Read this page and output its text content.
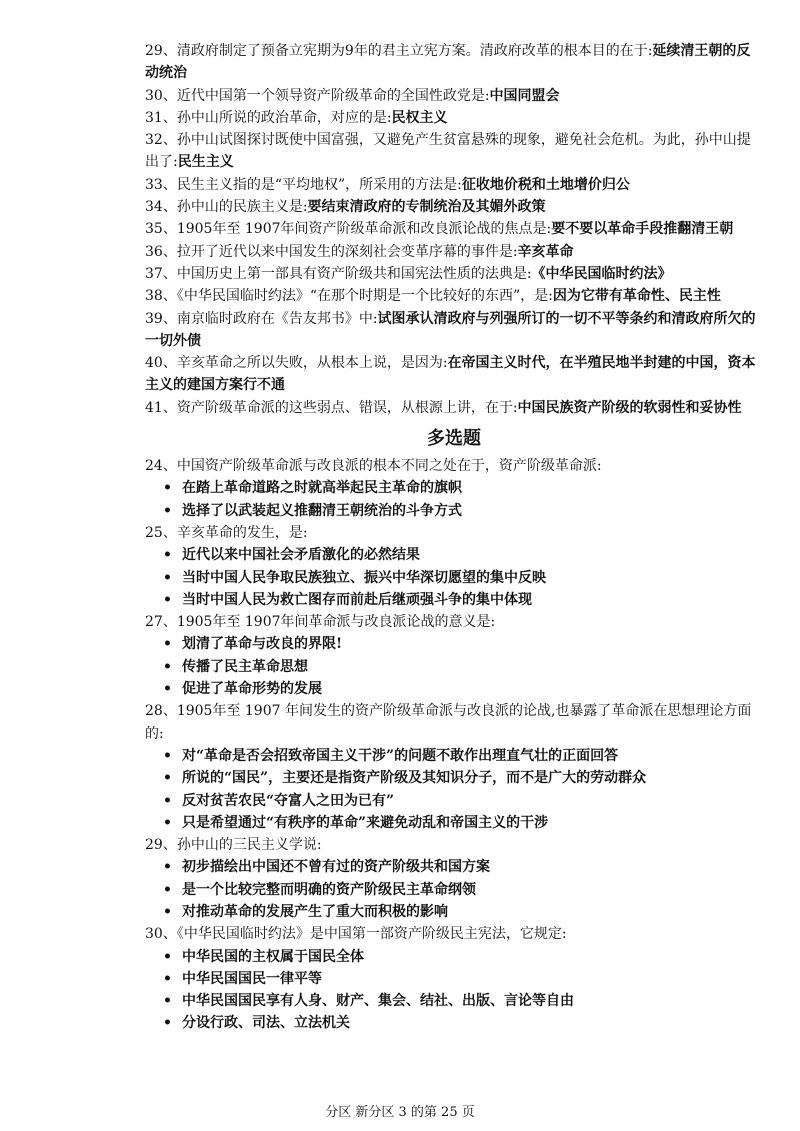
29、清政府制定了预备立宪期为9年的君主立宪方案。清政府改革的根本目的在于:延续清王朝的反动统治

30、近代中国第一个领导资产阶级革命的全国性政党是:中国同盟会

31、孙中山所说的政治革命，对应的是:民权主义

32、孙中山试图探讨既使中国富强，又避免产生贫富悬殊的现象，避免社会危机。为此，孙中山提出了:民生主义

33、民生主义指的是“平均地权”，所采用的方法是:征收地价税和土地增价归公

34、孙中山的民族主义是:要结束清政府的专制统治及其媚外政策

35、1905年至 1907年间资产阶级革命派和改良派论战的焦点是:要不要以革命手段推翻清王朝

36、拉开了近代以来中国发生的深刻社会变革序幕的事件是:辛亥革命

37、中国历史上第一部具有资产阶级共和国宪法性质的法典是:《中华民国临时约法》

38、《中华民国临时约法》“在那个时期是一个比较好的东西”，是:因为它带有革命性、民主性

39、南京临时政府在《告友邦书》中:试图承认清政府与列强所订的一切不平等条约和清政府所欠的一切外债

40、辛亥革命之所以失败，从根本上说，是因为:在帝国主义时代，在半殖民地半封建的中国，资本主义的建国方案行不通

41、资产阶级革命派的这些弱点、错误，从根源上讲，在于:中国民族资产阶级的软弱性和妥协性

多选题

24、中国资产阶级革命派与改良派的根本不同之处在于，资产阶级革命派:

• 在踏上革命道路之时就高举起民主革命的旗帜
• 选择了以武装起义推翻清王朝统治的斗争方式

25、辛亥革命的发生，是:

• 近代以来中国社会矛盾激化的必然结果
• 当时中国人民争取民族独立、振兴中华深切愿望的集中反映
• 当时中国人民为救亡图存而前赴后继顽强斗争的集中体现

27、1905年至 1907年间革命派与改良派论战的意义是:

• 划清了革命与改良的界限!
• 传播了民主革命思想
• 促进了革命形势的发展

28、1905年至 1907 年间发生的资产阶级革命派与改良派的论战,也暴露了革命派在思想理论方面的:

• 对“革命是否会招致帝国主义干涉”的问题不敢作出理直气壮的正面回答
• 所说的“国民”，主要还是指资产阶级及其知识分子，而不是广大的劳动群众
• 反对贫苦农民“夺富人之田为已有”
• 只是希望通过“有秩序的革命”来避免动乱和帝国主义的干涉

29、孙中山的三民主义学说:

• 初步描绘出中国还不曾有过的资产阶级共和国方案
• 是一个比较完整而明确的资产阶级民主革命纲领
• 对推动革命的发展产生了重大而积极的影响

30、《中华民国临时约法》是中国第一部资产阶级民主宪法，它规定:

• 中华民国的主权属于国民全体
• 中华民国国民一律平等
• 中华民国国民享有人身、财产、集会、结社、出版、言论等自由
• 分设行政、司法、立法机关
分区 新分区 3 的第 25 页
